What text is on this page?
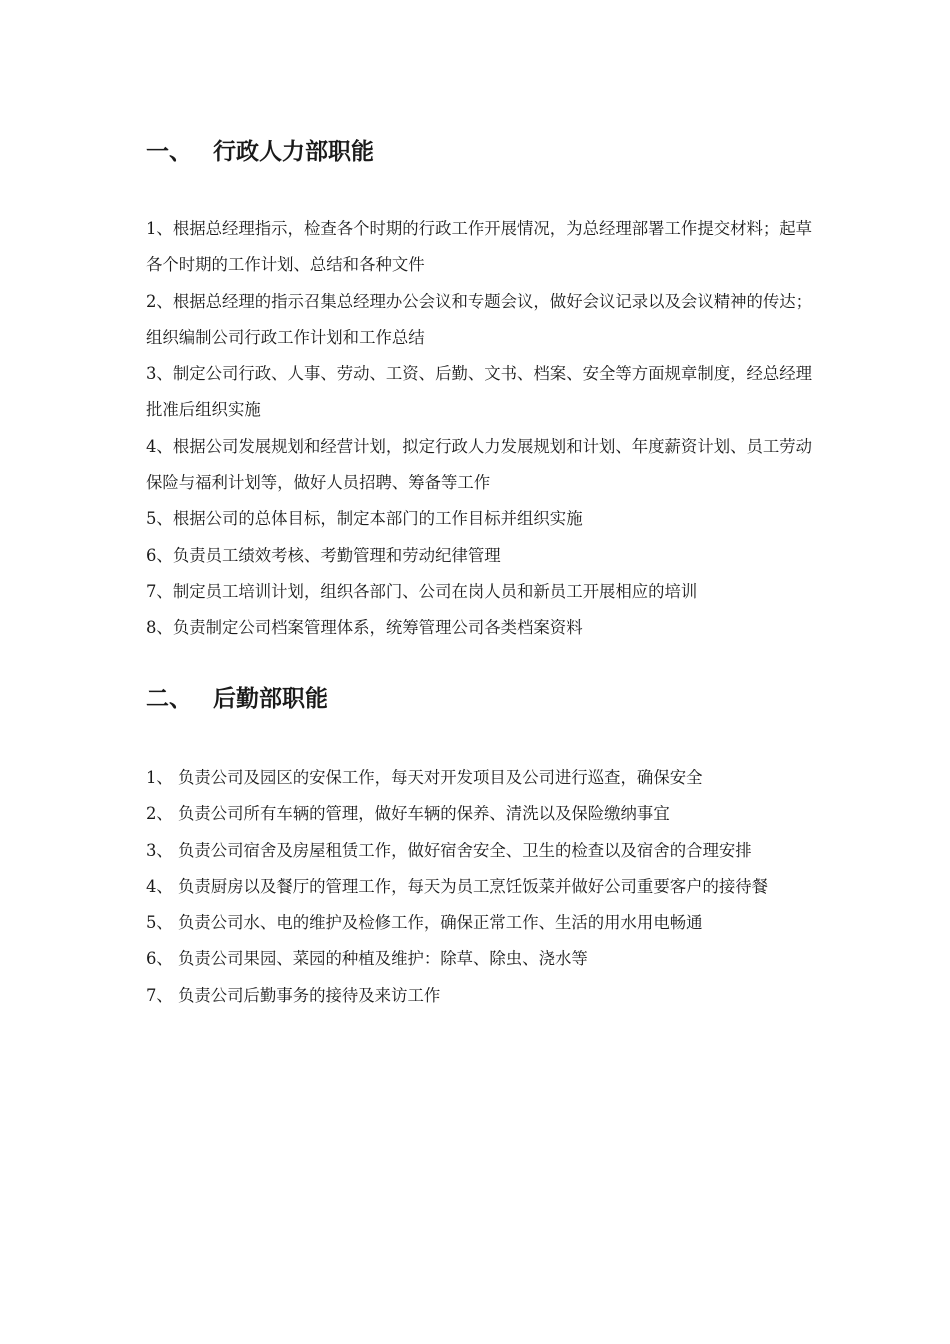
一、 行政人力部职能
1、根据总经理指示，检查各个时期的行政工作开展情况，为总经理部署工作提交材料；起草各个时期的工作计划、总结和各种文件
2、根据总经理的指示召集总经理办公会议和专题会议，做好会议记录以及会议精神的传达；组织编制公司行政工作计划和工作总结
3、制定公司行政、人事、劳动、工资、后勤、文书、档案、安全等方面规章制度，经总经理批准后组织实施
4、根据公司发展规划和经营计划，拟定行政人力发展规划和计划、年度薪资计划、员工劳动保险与福利计划等，做好人员招聘、筹备等工作
5、根据公司的总体目标，制定本部门的工作目标并组织实施
6、负责员工绩效考核、考勤管理和劳动纪律管理
7、制定员工培训计划，组织各部门、公司在岗人员和新员工开展相应的培训
8、负责制定公司档案管理体系，统筹管理公司各类档案资料
二、 后勤部职能
1、 负责公司及园区的安保工作，每天对开发项目及公司进行巡查，确保安全
2、 负责公司所有车辆的管理，做好车辆的保养、清洗以及保险缴纳事宜
3、 负责公司宿舍及房屋租赁工作，做好宿舍安全、卫生的检查以及宿舍的合理安排
4、 负责厨房以及餐厅的管理工作，每天为员工烹饪饭菜并做好公司重要客户的接待餐
5、 负责公司水、电的维护及检修工作，确保正常工作、生活的用水用电畅通
6、 负责公司果园、菜园的种植及维护：除草、除虫、浇水等
7、 负责公司后勤事务的接待及来访工作
